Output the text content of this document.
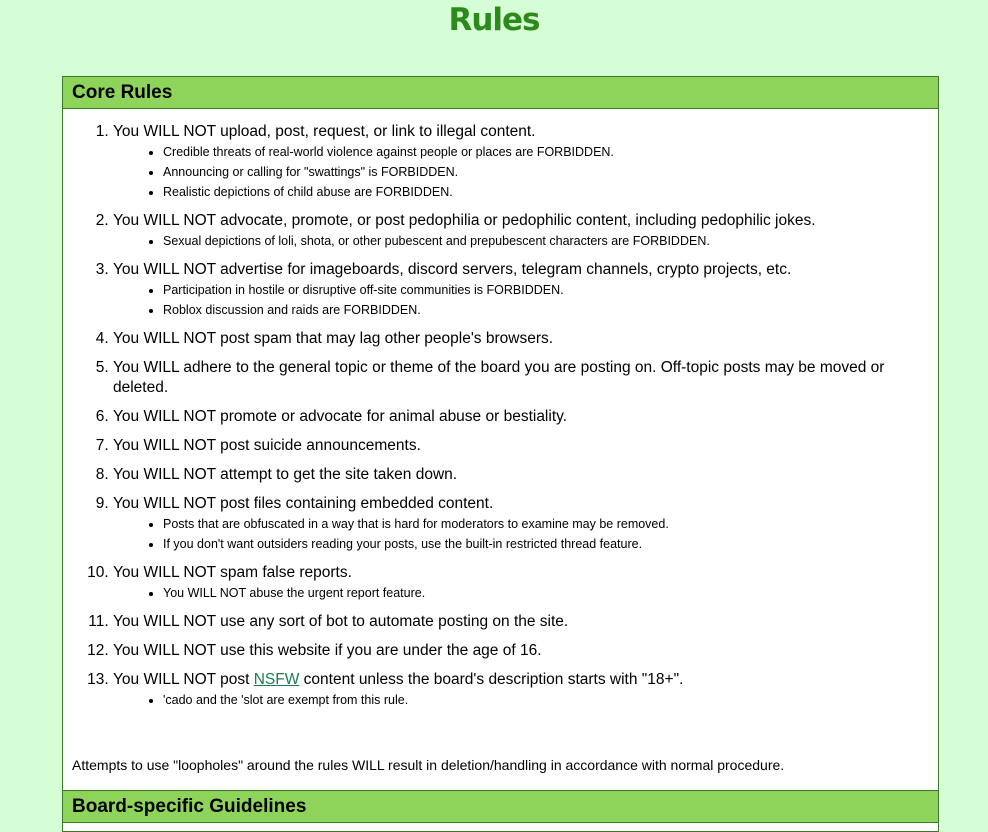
Rules
Core Rules
1. You WILL NOT upload, post, request, or link to illegal content.
• Credible threats of real-world violence against people or places are FORBIDDEN.
• Announcing or calling for "swattings" is FORBIDDEN.
• Realistic depictions of child abuse are FORBIDDEN.
2. You WILL NOT advocate, promote, or post pedophilia or pedophilic content, including pedophilic jokes.
• Sexual depictions of loli, shota, or other pubescent and prepubescent characters are FORBIDDEN.
3. You WILL NOT advertise for imageboards, discord servers, telegram channels, crypto projects, etc.
• Participation in hostile or disruptive off-site communities is FORBIDDEN.
• Roblox discussion and raids are FORBIDDEN.
4. You WILL NOT post spam that may lag other people's browsers.
5. You WILL adhere to the general topic or theme of the board you are posting on. Off-topic posts may be moved or deleted.
6. You WILL NOT promote or advocate for animal abuse or bestiality.
7. You WILL NOT post suicide announcements.
8. You WILL NOT attempt to get the site taken down.
9. You WILL NOT post files containing embedded content.
• Posts that are obfuscated in a way that is hard for moderators to examine may be removed.
• If you don't want outsiders reading your posts, use the built-in restricted thread feature.
10. You WILL NOT spam false reports.
• You WILL NOT abuse the urgent report feature.
11. You WILL NOT use any sort of bot to automate posting on the site.
12. You WILL NOT use this website if you are under the age of 16.
13. You WILL NOT post NSFW content unless the board's description starts with "18+".
• 'cado and the 'slot are exempt from this rule.
Attempts to use "loopholes" around the rules WILL result in deletion/handling in accordance with normal procedure.
Board-specific Guidelines
